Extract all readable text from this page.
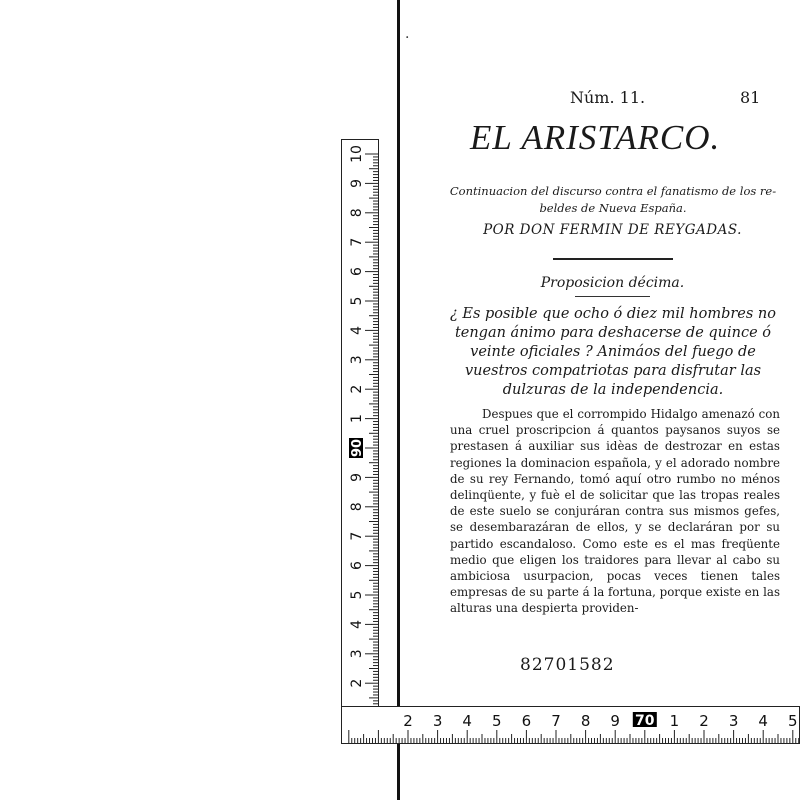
·
Núm. 11.	81
EL ARISTARCO.
Continuacion del discurso contra el fanatismo de los re-
beldes de Nueva España.
POR DON FERMIN DE REYGADAS.
Proposicion décima.
¿ Es posible que ocho ó diez mil hombres no tengan ánimo para deshacerse de quince ó veinte oficiales ? Animáos del fuego de vuestros compatriotas para disfrutar las dulzuras de la independencia.
Despues que el corrompido Hidalgo amenazó con una cruel proscripcion á quantos paysanos suyos se prestasen á auxiliar sus idèas de destrozar en estas regiones la dominacion española, y el adorado nombre de su rey Fernando, tomó aquí otro rumbo no ménos delinqüente, y fuè el de solicitar que las tropas reales de este suelo se conjuráran contra sus mismos gefes, se desembarazáran de ellos, y se declaráran por su partido escandaloso. Como este es el mas freqüente medio que eligen los traidores para llevar al cabo su ambiciosa usurpacion, pocas veces tienen tales empresas de su parte á la fortuna, porque existe en las alturas una despierta providen-
82701582
10
9
8
7
6
5
4
3
2
1
90
9
8
7
6
5
4
3
2
2 3 4 5 6 7 8 9 70 1 2 3 4 5
